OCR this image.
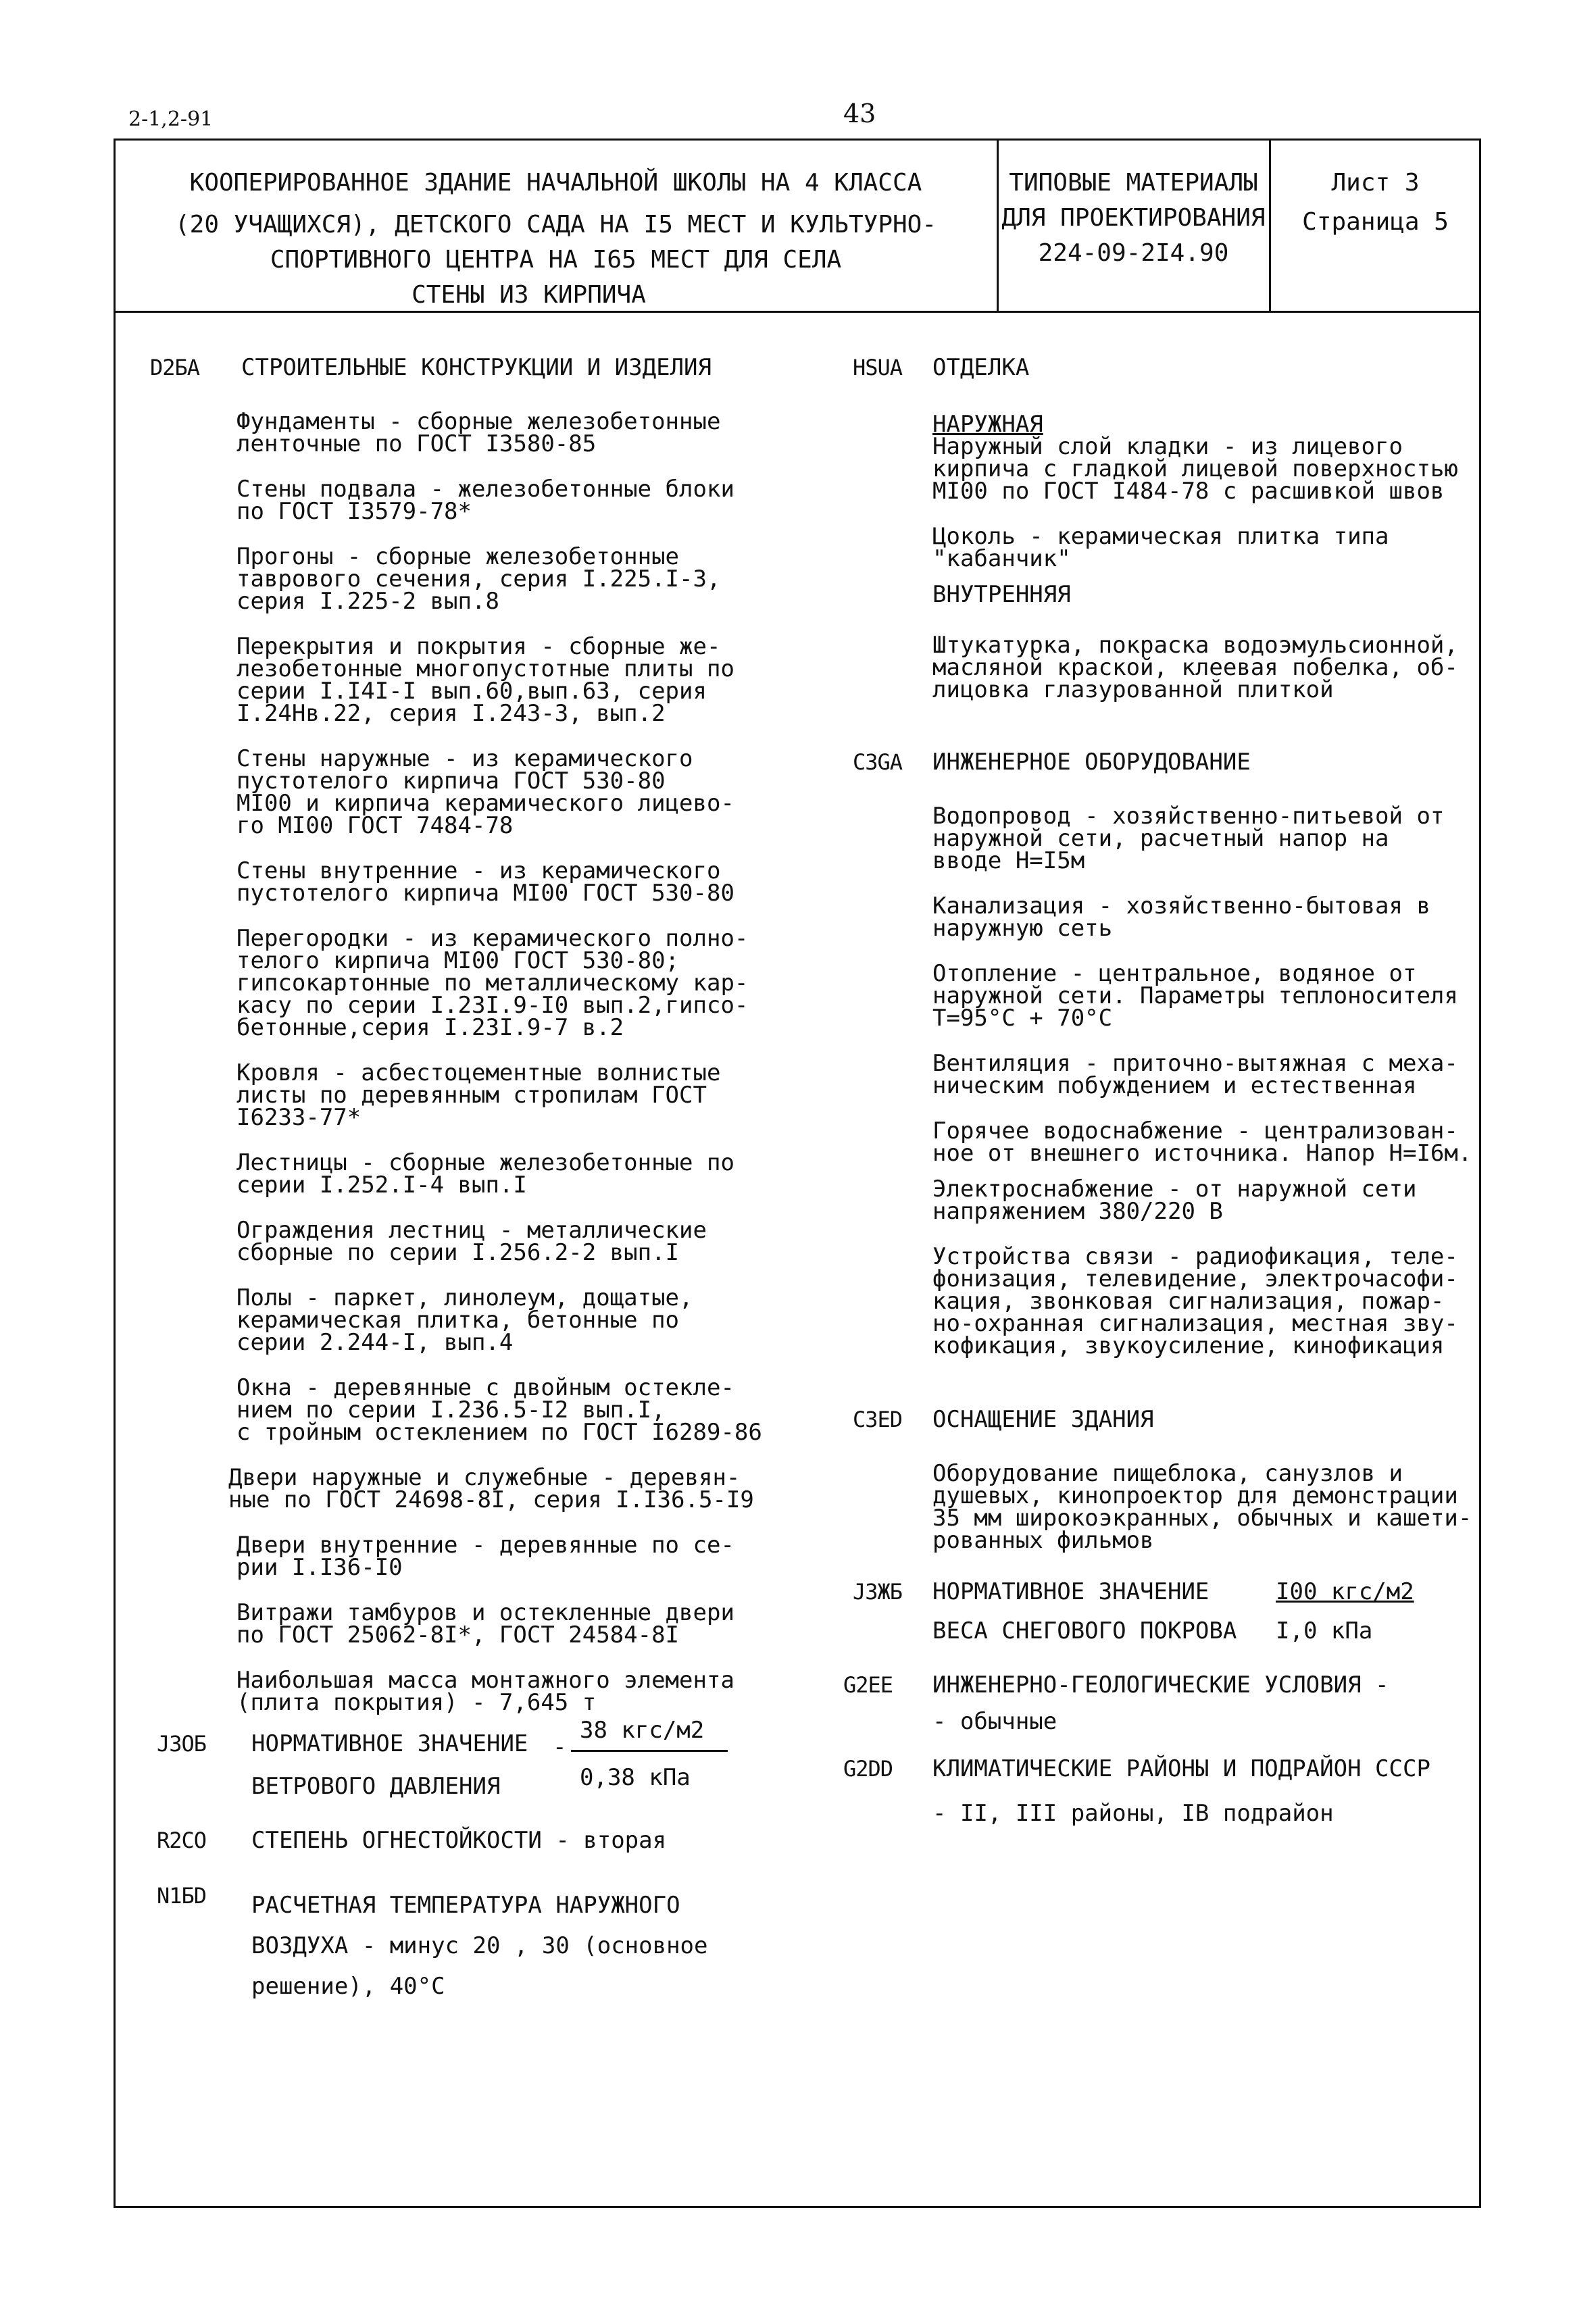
2-1,2-91	43
КООПЕРИРОВАННОЕ ЗДАНИЕ НАЧАЛЬНОЙ ШКОЛЫ НА 4 КЛАССА
(20 УЧАЩИХСЯ), ДЕТСКОГО САДА НА I5 МЕСТ И КУЛЬТУРНО-
СПОРТИВНОГО ЦЕНТРА НА I65 МЕСТ ДЛЯ СЕЛА
СТЕНЫ ИЗ КИРПИЧА
ТИПОВЫЕ МАТЕРИАЛЫ
ДЛЯ ПРОЕКТИРОВАНИЯ
224-09-2I4.90
Лист 3
Страница 5
D2БА СТРОИТЕЛЬНЫЕ КОНСТРУКЦИИ И ИЗДЕЛИЯ
Фундаменты - сборные железобетонные
ленточные по ГОСТ I3580-85
Стены подвала - железобетонные блоки
по ГОСТ I3579-78*
Прогоны - сборные железобетонные
таврового сечения, серия I.225.I-3,
серия I.225-2 вып.8
Перекрытия и покрытия - сборные же-
лезобетонные многопустотные плиты по
серии I.I4I-I вып.60,вып.63, серия
I.24Нв.22, серия I.243-3, вып.2
Стены наружные - из керамического
пустотелого кирпича ГОСТ 530-80
МI00 и кирпича керамического лицево-
го МI00 ГОСТ 7484-78
Стены внутренние - из керамического
пустотелого кирпича МI00 ГОСТ 530-80
Перегородки - из керамического полно-
телого кирпича МI00 ГОСТ 530-80;
гипсокартонные по металлическому кар-
касу по серии I.23I.9-I0 вып.2,гипсо-
бетонные,серия I.23I.9-7 в.2
Кровля - асбестоцементные волнистые
листы по деревянным стропилам ГОСТ
I6233-77*
Лестницы - сборные железобетонные по
серии I.252.I-4 вып.I
Ограждения лестниц - металлические
сборные по серии I.256.2-2 вып.I
Полы - паркет, линолеум, дощатые,
керамическая плитка, бетонные по
серии 2.244-I, вып.4
Окна - деревянные с двойным остекле-
нием по серии I.236.5-I2 вып.I,
с тройным остеклением по ГОСТ I6289-86
Двери наружные и служебные - деревян-
ные по ГОСТ 24698-8I, серия I.I36.5-I9
Двери внутренние - деревянные по се-
рии I.I36-I0
Витражи тамбуров и остекленные двери
по ГОСТ 25062-8I*, ГОСТ 24584-8I
Наибольшая масса монтажного элемента
(плита покрытия) - 7,645 т
J3OБ НОРМАТИВНОЕ ЗНАЧЕНИЕ
ВЕТРОВОГО ДАВЛЕНИЯ
-
38 кгс/м2
0,38 кПа
R2CO СТЕПЕНЬ ОГНЕСТОЙКОСТИ - вторая
N1БD РАСЧЕТНАЯ ТЕМПЕРАТУРА НАРУЖНОГО
ВОЗДУХА - минус 20 , 30 (основное
решение), 40°С
HSUA ОТДЕЛКА
НАРУЖНАЯ
Наружный слой кладки - из лицевого
кирпича с гладкой лицевой поверхностью
МI00 по ГОСТ I484-78 с расшивкой швов
Цоколь - керамическая плитка типа
"кабанчик"
ВНУТРЕННЯЯ
Штукатурка, покраска водоэмульсионной,
масляной краской, клеевая побелка, об-
лицовка глазурованной плиткой
C3GA ИНЖЕНЕРНОЕ ОБОРУДОВАНИЕ
Водопровод - хозяйственно-питьевой от
наружной сети, расчетный напор на
вводе Н=I5м
Канализация - хозяйственно-бытовая в
наружную сеть
Отопление - центральное, водяное от
наружной сети. Параметры теплоносителя
Т=95°С + 70°С
Вентиляция - приточно-вытяжная с меха-
ническим побуждением и естественная
Горячее водоснабжение - централизован-
ное от внешнего источника. Напор Н=I6м.
Электроснабжение - от наружной сети
напряжением 380/220 В
Устройства связи - радиофикация, теле-
фонизация, телевидение, электрочасофи-
кация, звонковая сигнализация, пожар-
но-охранная сигнализация, местная зву-
кофикация, звукоусиление, кинофикация
C3ED ОСНАЩЕНИЕ ЗДАНИЯ
Оборудование пищеблока, санузлов и
душевых, кинопроектор для демонстрации
35 мм широкоэкранных, обычных и кашети-
рованных фильмов
J3ЖБ НОРМАТИВНОЕ ЗНАЧЕНИЕ
ВЕСА СНЕГОВОГО ПОКРОВА
I00 кгс/м2
I,0 кПа
G2EE ИНЖЕНЕРНО-ГЕОЛОГИЧЕСКИЕ УСЛОВИЯ -
- обычные
G2DD КЛИМАТИЧЕСКИЕ РАЙОНЫ И ПОДРАЙОН СССР
- II, III районы, IВ подрайон
